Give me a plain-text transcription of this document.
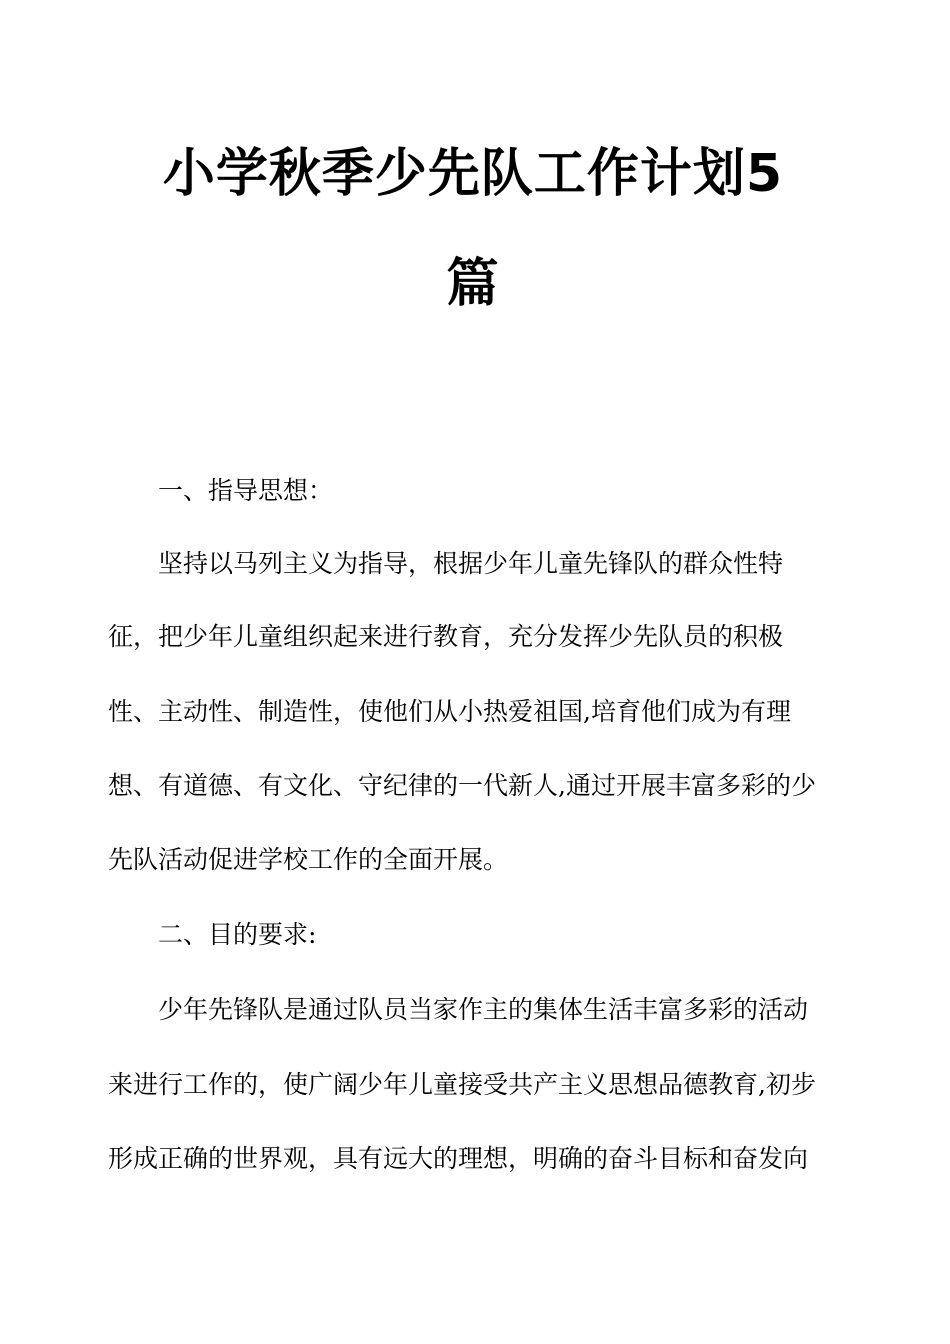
小学秋季少先队工作计划5
篇
一、指导思想：
坚持以马列主义为指导，根据少年儿童先锋队的群众性特
征，把少年儿童组织起来进行教育，充分发挥少先队员的积极
性、主动性、制造性，使他们从小热爱祖国,培育他们成为有理
想、有道德、有文化、守纪律的一代新人,通过开展丰富多彩的少
先队活动促进学校工作的全面开展。
二、目的要求:
少年先锋队是通过队员当家作主的集体生活丰富多彩的活动
来进行工作的，使广阔少年儿童接受共产主义思想品德教育,初步
形成正确的世界观，具有远大的理想，明确的奋斗目标和奋发向
